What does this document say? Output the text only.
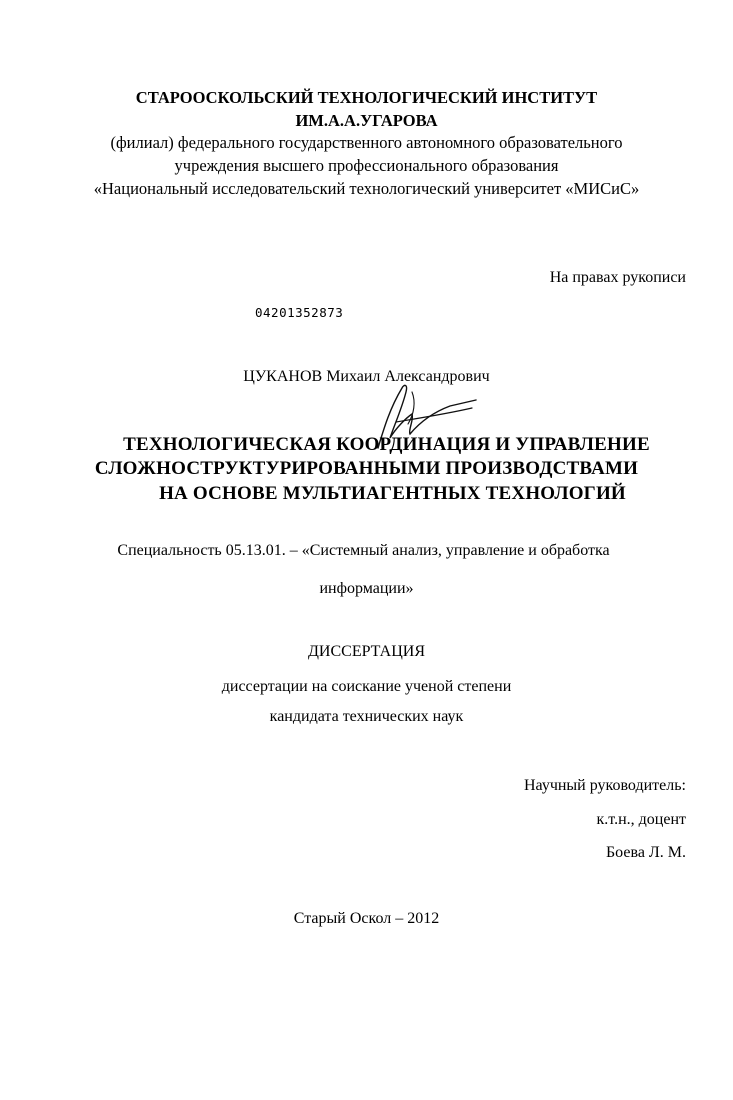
СТАРООСКОЛЬСКИЙ ТЕХНОЛОГИЧЕСКИЙ ИНСТИТУТ
ИМ.А.А.УГАРОВА
(филиал) федерального государственного автономного образовательного
учреждения высшего профессионального образования
«Национальный исследовательский технологический университет «МИСиС»
На правах рукописи
04201352873
ЦУКАНОВ Михаил Александрович
ТЕХНОЛОГИЧЕСКАЯ КООРДИНАЦИЯ И УПРАВЛЕНИЕ
СЛОЖНОСТРУКТУРИРОВАННЫМИ ПРОИЗВОДСТВАМИ
НА ОСНОВЕ МУЛЬТИАГЕНТНЫХ ТЕХНОЛОГИЙ
Специальность 05.13.01. – «Системный анализ, управление и обработка
информации»
ДИССЕРТАЦИЯ
диссертации на соискание ученой степени
кандидата технических наук
Научный руководитель:
к.т.н., доцент
Боева Л. М.
Старый Оскол – 2012
